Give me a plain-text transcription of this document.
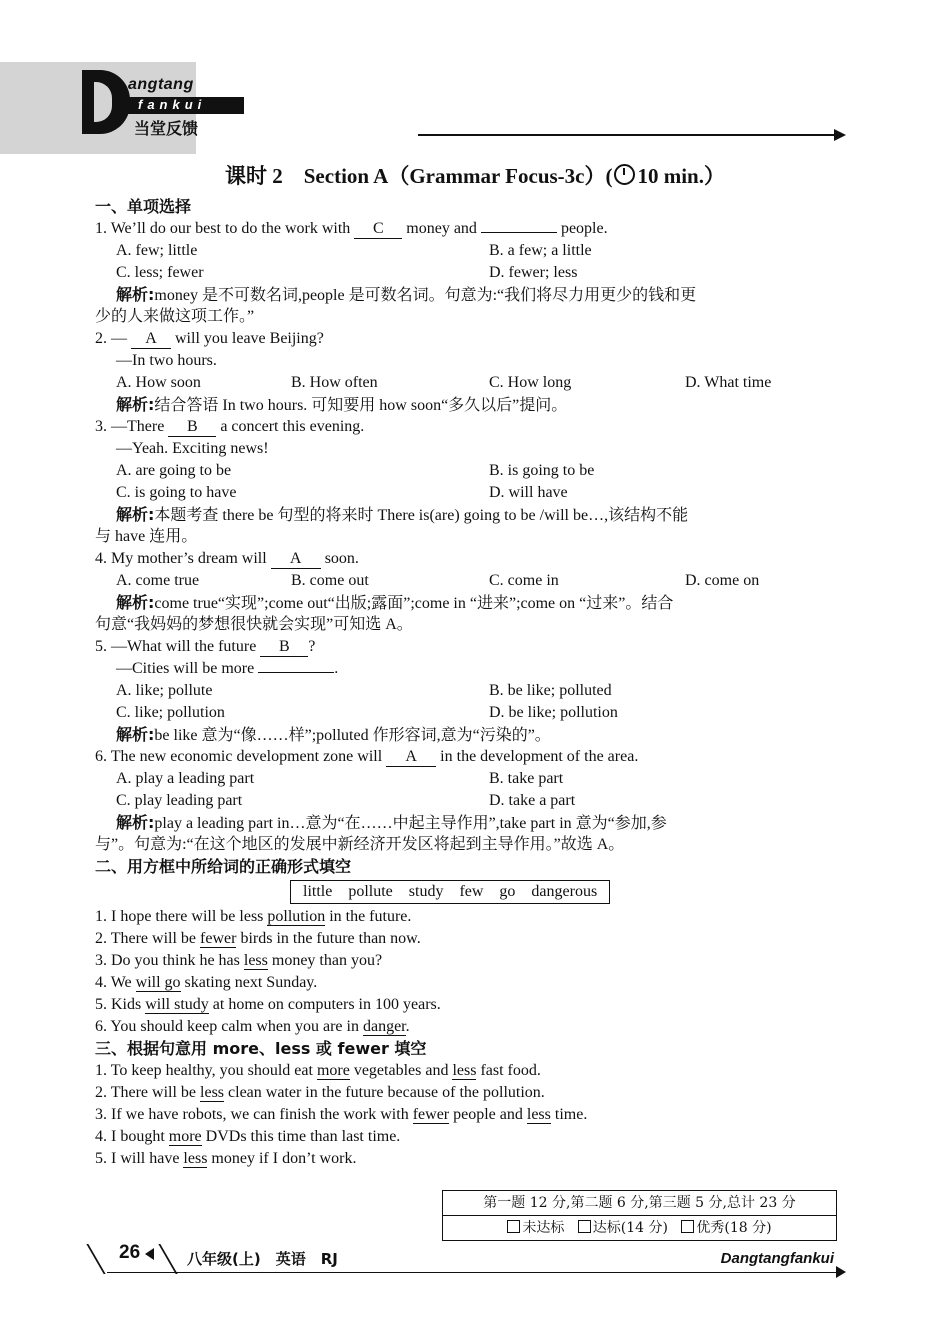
angtang
fankui
当堂反馈
课时 2　Section A（Grammar Focus-3c）( 10 min.）
一、单项选择
1. We’ll do our best to do the work with C money and	people.
A. few; little	B. a few; a little
C. less; fewer	D. fewer; less
解析:money 是不可数名词,people 是可数名词。句意为:“我们将尽力用更少的钱和更
少的人来做这项工作。”
2. — A will you leave Beijing?
—In two hours.
A. How soon	B. How often	C. How long	D. What time
解析:结合答语 In two hours. 可知要用 how soon“多久以后”提问。
3. —There B a concert this evening.
—Yeah. Exciting news!
A. are going to be	B. is going to be
C. is going to have	D. will have
解析:本题考查 there be 句型的将来时 There is(are) going to be /will be…,该结构不能
与 have 连用。
4. My mother’s dream will A soon.
A. come true	B. come out	C. come in	D. come on
解析:come true“实现”;come out“出版;露面”;come in “进来”;come on “过来”。结合
句意“我妈妈的梦想很快就会实现”可知选 A。
5. —What will the future B ?
—Cities will be more	.
A. like; pollute	B. be like; polluted
C. like; pollution	D. be like; pollution
解析:be like 意为“像……样”;polluted 作形容词,意为“污染的”。
6. The new economic development zone will A in the development of the area.
A. play a leading part	B. take part
C. play leading part	D. take a part
解析:play a leading part in…意为“在……中起主导作用”,take part in 意为“参加,参
与”。句意为:“在这个地区的发展中新经济开发区将起到主导作用。”故选 A。
二、用方框中所给词的正确形式填空
little pollute study few go dangerous
1. I hope there will be less pollution in the future.
2. There will be fewer birds in the future than now.
3. Do you think he has less money than you?
4. We will go skating next Sunday.
5. Kids will study at home on computers in 100 years.
6. You should keep calm when you are in danger.
三、根据句意用 more、less 或 fewer 填空
1. To keep healthy, you should eat more vegetables and less fast food.
2. There will be less clean water in the future because of the pollution.
3. If we have robots, we can finish the work with fewer people and less time.
4. I bought more DVDs this time than last time.
5. I will have less money if I don’t work.
第一题 12 分,第二题 6 分,第三题 5 分,总计 23 分
未达标 达标(14 分) 优秀(18 分)
26	八年级(上)　英语　RJ	Dangtangfankui
